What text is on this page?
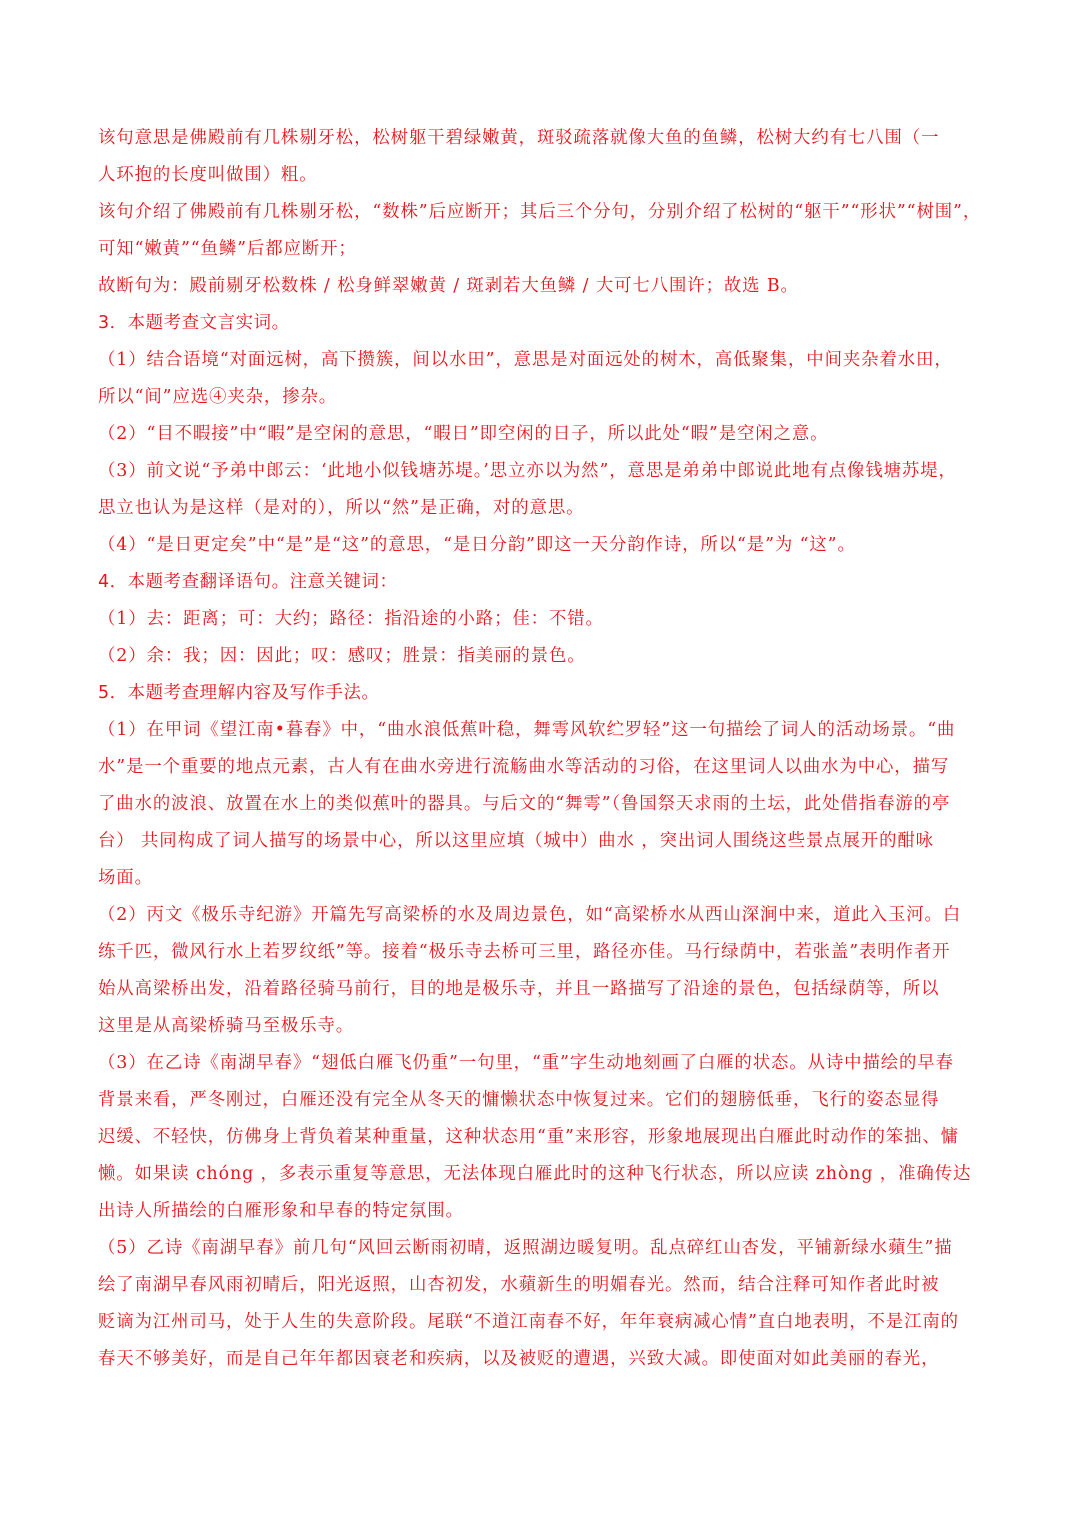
该句意思是佛殿前有几株剔牙松，松树躯干碧绿嫩黄，斑驳疏落就像大鱼的鱼鳞，松树大约有七八围（一
人环抱的长度叫做围）粗。
该句介绍了佛殿前有几株剔牙松，“数株”后应断开；其后三个分句，分别介绍了松树的“躯干”“形状”“树围”，
可知“嫩黄”“鱼鳞”后都应断开；
故断句为：殿前剔牙松数株 / 松身鲜翠嫩黄 / 斑剥若大鱼鳞 / 大可七八围许；故选 B。
3．本题考查文言实词。
（1）结合语境“对面远树，高下攒簇，间以水田”，意思是对面远处的树木，高低聚集，中间夹杂着水田，
所以“间”应选④夹杂，掺杂。
（2）“目不暇接”中“暇”是空闲的意思，“暇日”即空闲的日子，所以此处“暇”是空闲之意。
（3）前文说“予弟中郎云：‘此地小似钱塘苏堤。’思立亦以为然”，意思是弟弟中郎说此地有点像钱塘苏堤，
思立也认为是这样（是对的），所以“然”是正确，对的意思。
（4）“是日更定矣”中“是”是“这”的意思，“是日分韵”即这一天分韵作诗，所以“是”为 “这”。
4．本题考查翻译语句。注意关键词：
（1）去：距离；可：大约；路径：指沿途的小路；佳：不错。
（2）余：我；因：因此；叹：感叹；胜景：指美丽的景色。
5．本题考查理解内容及写作手法。
（1）在甲词《望江南•暮春》中，“曲水浪低蕉叶稳，舞雩风软纻罗轻”这一句描绘了词人的活动场景。“曲
水”是一个重要的地点元素，古人有在曲水旁进行流觞曲水等活动的习俗，在这里词人以曲水为中心，描写
了曲水的波浪、放置在水上的类似蕉叶的器具。与后文的“舞雩”（鲁国祭天求雨的土坛，此处借指春游的亭
台） 共同构成了词人描写的场景中心，所以这里应填（城中）曲水 ，突出词人围绕这些景点展开的酣咏
场面。
（2）丙文《极乐寺纪游》开篇先写高梁桥的水及周边景色，如“高梁桥水从西山深涧中来，道此入玉河。白
练千匹，微风行水上若罗纹纸”等。接着“极乐寺去桥可三里，路径亦佳。马行绿荫中，若张盖”表明作者开
始从高梁桥出发，沿着路径骑马前行，目的地是极乐寺，并且一路描写了沿途的景色，包括绿荫等，所以
这里是从高梁桥骑马至极乐寺。
（3）在乙诗《南湖早春》“翅低白雁飞仍重”一句里，“重”字生动地刻画了白雁的状态。从诗中描绘的早春
背景来看，严冬刚过，白雁还没有完全从冬天的慵懒状态中恢复过来。它们的翅膀低垂，飞行的姿态显得
迟缓、不轻快，仿佛身上背负着某种重量，这种状态用“重”来形容，形象地展现出白雁此时动作的笨拙、慵
懒。如果读 chóng ，多表示重复等意思，无法体现白雁此时的这种飞行状态，所以应读 zhòng ，准确传达
出诗人所描绘的白雁形象和早春的特定氛围。
（5）乙诗《南湖早春》前几句“风回云断雨初晴，返照湖边暖复明。乱点碎红山杏发，平铺新绿水蘋生”描
绘了南湖早春风雨初晴后，阳光返照，山杏初发，水蘋新生的明媚春光。然而，结合注释可知作者此时被
贬谪为江州司马，处于人生的失意阶段。尾联“不道江南春不好，年年衰病减心情”直白地表明，不是江南的
春天不够美好，而是自己年年都因衰老和疾病，以及被贬的遭遇，兴致大减。即使面对如此美丽的春光，
